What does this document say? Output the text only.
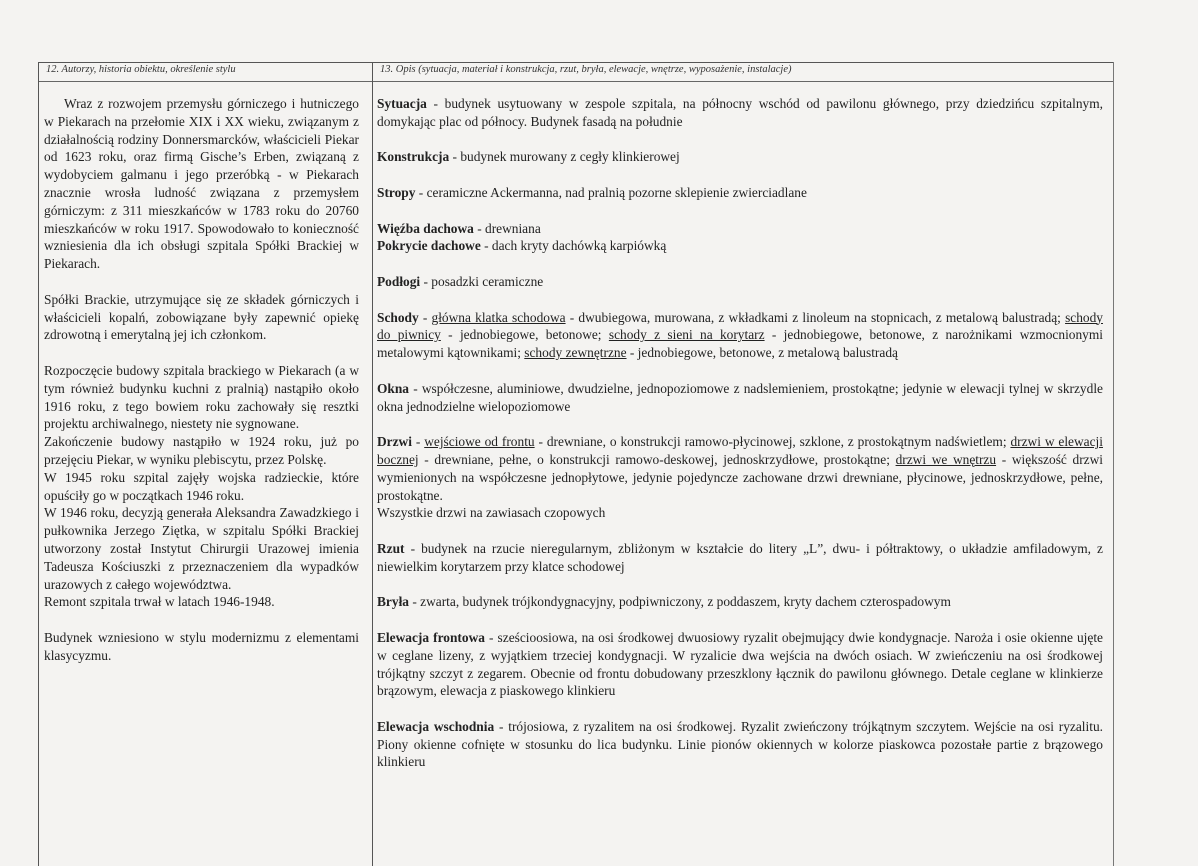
12. Autorzy, historia obiektu, określenie stylu	13. Opis (sytuacja, materiał i konstrukcja, rzut, bryła, elewacje, wnętrze, wyposażenie, instalacje)

Wraz z rozwojem przemysłu górniczego i hutniczego w Piekarach na przełomie XIX i XX wieku, związanym z działalnością rodziny Donnersmarcków, właścicieli Piekar od 1623 roku, oraz firmą Gische’s Erben, związaną z wydobyciem galmanu i jego przeróbką - w Piekarach znacznie wrosła ludność związana z przemysłem górniczym: z 311 mieszkańców w 1783 roku do 20760 mieszkańców w roku 1917. Spowodowało to konieczność wzniesienia dla ich obsługi szpitala Spółki Brackiej w Piekarach.

Spółki Brackie, utrzymujące się ze składek górniczych i właścicieli kopalń, zobowiązane były zapewnić opiekę zdrowotną i emerytalną jej ich członkom.

Rozpoczęcie budowy szpitala brackiego w Piekarach (a w tym również budynku kuchni z pralnią) nastąpiło około 1916 roku, z tego bowiem roku zachowały się resztki projektu archiwalnego, niestety nie sygnowane.

Zakończenie budowy nastąpiło w 1924 roku, już po przejęciu Piekar, w wyniku plebiscytu, przez Polskę.

W 1945 roku szpital zajęły wojska radzieckie, które opuściły go w początkach 1946 roku.

W 1946 roku, decyzją generała Aleksandra Zawadzkiego i pułkownika Jerzego Ziętka, w szpitalu Spółki Brackiej utworzony został Instytut Chirurgii Urazowej imienia Tadeusza Kościuszki z przeznaczeniem dla wypadków urazowych z całego województwa.

Remont szpitala trwał w latach 1946-1948.

Budynek wzniesiono w stylu modernizmu z elementami klasycyzmu.

Sytuacja - budynek usytuowany w zespole szpitala, na północny wschód od pawilonu głównego, przy dziedzińcu szpitalnym, domykając plac od północy. Budynek fasadą na południe

Konstrukcja - budynek murowany z cegły klinkierowej

Stropy - ceramiczne Ackermanna, nad pralnią pozorne sklepienie zwierciadlane

Więźba dachowa - drewniana

Pokrycie dachowe - dach kryty dachówką karpiówką

Podłogi - posadzki ceramiczne

Schody - główna klatka schodowa - dwubiegowa, murowana, z wkładkami z linoleum na stopnicach, z metalową balustradą; schody do piwnicy - jednobiegowe, betonowe; schody z sieni na korytarz - jednobiegowe, betonowe, z narożnikami wzmocnionymi metalowymi kątownikami; schody zewnętrzne - jednobiegowe, betonowe, z metalową balustradą

Okna - współczesne, aluminiowe, dwudzielne, jednopoziomowe z nadslemieniem, prostokątne; jedynie w elewacji tylnej w skrzydle okna jednodzielne wielopoziomowe

Drzwi - wejściowe od frontu - drewniane, o konstrukcji ramowo-płycinowej, szklone, z prostokątnym nadświetlem; drzwi w elewacji bocznej - drewniane, pełne, o konstrukcji ramowo-deskowej, jednoskrzydłowe, prostokątne; drzwi we wnętrzu - większość drzwi wymienionych na współczesne jednopłytowe, jedynie pojedyncze zachowane drzwi drewniane, płycinowe, jednoskrzydłowe, pełne, prostokątne.

Wszystkie drzwi na zawiasach czopowych

Rzut - budynek na rzucie nieregularnym, zbliżonym w kształcie do litery „L”, dwu- i półtraktowy, o układzie amfiladowym, z niewielkim korytarzem przy klatce schodowej

Bryła - zwarta, budynek trójkondygnacyjny, podpiwniczony, z poddaszem, kryty dachem czterospadowym

Elewacja frontowa - sześcioosiowa, na osi środkowej dwuosiowy ryzalit obejmujący dwie kondygnacje. Naroża i osie okienne ujęte w ceglane lizeny, z wyjątkiem trzeciej kondygnacji. W ryzalicie dwa wejścia na dwóch osiach. W zwieńczeniu na osi środkowej trójkątny szczyt z zegarem. Obecnie od frontu dobudowany przeszklony łącznik do pawilonu głównego. Detale ceglane w klinkierze brązowym, elewacja z piaskowego klinkieru

Elewacja wschodnia - trójosiowa, z ryzalitem na osi środkowej. Ryzalit zwieńczony trójkątnym szczytem. Wejście na osi ryzalitu. Piony okienne cofnięte w stosunku do lica budynku. Linie pionów okiennych w kolorze piaskowca pozostałe partie z brązowego klinkieru
